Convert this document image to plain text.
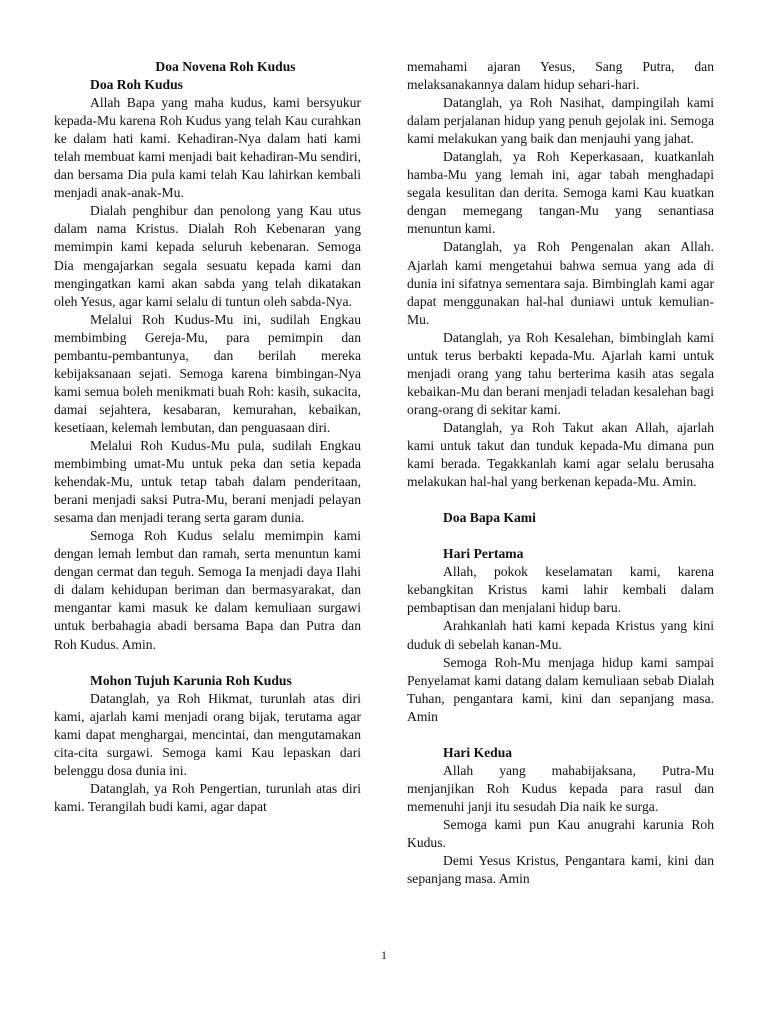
Doa Novena Roh Kudus

Doa Roh Kudus

Allah Bapa yang maha kudus, kami bersyukur kepada-Mu karena Roh Kudus yang telah Kau curahkan ke dalam hati kami. Kehadiran-Nya dalam hati kami telah membuat kami menjadi bait kehadiran-Mu sendiri, dan bersama Dia pula kami telah Kau lahirkan kembali menjadi anak-anak-Mu.

Dialah penghibur dan penolong yang Kau utus dalam nama Kristus. Dialah Roh Kebenaran yang memimpin kami kepada seluruh kebenaran. Semoga Dia mengajarkan segala sesuatu kepada kami dan mengingatkan kami akan sabda yang telah dikatakan oleh Yesus, agar kami selalu di tuntun oleh sabda-Nya.

Melalui Roh Kudus-Mu ini, sudilah Engkau membimbing Gereja-Mu, para pemimpin dan pembantu-pembantunya, dan berilah mereka kebijaksanaan sejati. Semoga karena bimbingan-Nya kami semua boleh menikmati buah Roh: kasih, sukacita, damai sejahtera, kesabaran, kemurahan, kebaikan, kesetiaan, kelemah lembutan, dan penguasaan diri.

Melalui Roh Kudus-Mu pula, sudilah Engkau membimbing umat-Mu untuk peka dan setia kepada kehendak-Mu, untuk tetap tabah dalam penderitaan, berani menjadi saksi Putra-Mu, berani menjadi pelayan sesama dan menjadi terang serta garam dunia.

Semoga Roh Kudus selalu memimpin kami dengan lemah lembut dan ramah, serta menuntun kami dengan cermat dan teguh. Semoga Ia menjadi daya Ilahi di dalam kehidupan beriman dan bermasyarakat, dan mengantar kami masuk ke dalam kemuliaan surgawi untuk berbahagia abadi bersama Bapa dan Putra dan Roh Kudus. Amin.

Mohon Tujuh Karunia Roh Kudus

Datanglah, ya Roh Hikmat, turunlah atas diri kami, ajarlah kami menjadi orang bijak, terutama agar kami dapat menghargai, mencintai, dan mengutamakan cita-cita surgawi. Semoga kami Kau lepaskan dari belenggu dosa dunia ini.

Datanglah, ya Roh Pengertian, turunlah atas diri kami. Terangilah budi kami, agar dapat

memahami ajaran Yesus, Sang Putra, dan melaksanakannya dalam hidup sehari-hari.

Datanglah, ya Roh Nasihat, dampingilah kami dalam perjalanan hidup yang penuh gejolak ini. Semoga kami melakukan yang baik dan menjauhi yang jahat.

Datanglah, ya Roh Keperkasaan, kuatkanlah hamba-Mu yang lemah ini, agar tabah menghadapi segala kesulitan dan derita. Semoga kami Kau kuatkan dengan memegang tangan-Mu yang senantiasa menuntun kami.

Datanglah, ya Roh Pengenalan akan Allah. Ajarlah kami mengetahui bahwa semua yang ada di dunia ini sifatnya sementara saja. Bimbinglah kami agar dapat menggunakan hal-hal duniawi untuk kemulian-Mu.

Datanglah, ya Roh Kesalehan, bimbinglah kami untuk terus berbakti kepada-Mu. Ajarlah kami untuk menjadi orang yang tahu berterima kasih atas segala kebaikan-Mu dan berani menjadi teladan kesalehan bagi orang-orang di sekitar kami.

Datanglah, ya Roh Takut akan Allah, ajarlah kami untuk takut dan tunduk kepada-Mu dimana pun kami berada. Tegakkanlah kami agar selalu berusaha melakukan hal-hal yang berkenan kepada-Mu. Amin.

Doa Bapa Kami

Hari Pertama

Allah, pokok keselamatan kami, karena kebangkitan Kristus kami lahir kembali dalam pembaptisan dan menjalani hidup baru.

Arahkanlah hati kami kepada Kristus yang kini duduk di sebelah kanan-Mu.

Semoga Roh-Mu menjaga hidup kami sampai Penyelamat kami datang dalam kemuliaan sebab Dialah Tuhan, pengantara kami, kini dan sepanjang masa. Amin

Hari Kedua

Allah yang mahabijaksana, Putra-Mu menjanjikan Roh Kudus kepada para rasul dan memenuhi janji itu sesudah Dia naik ke surga.

Semoga kami pun Kau anugrahi karunia Roh Kudus.

Demi Yesus Kristus, Pengantara kami, kini dan sepanjang masa. Amin

1
